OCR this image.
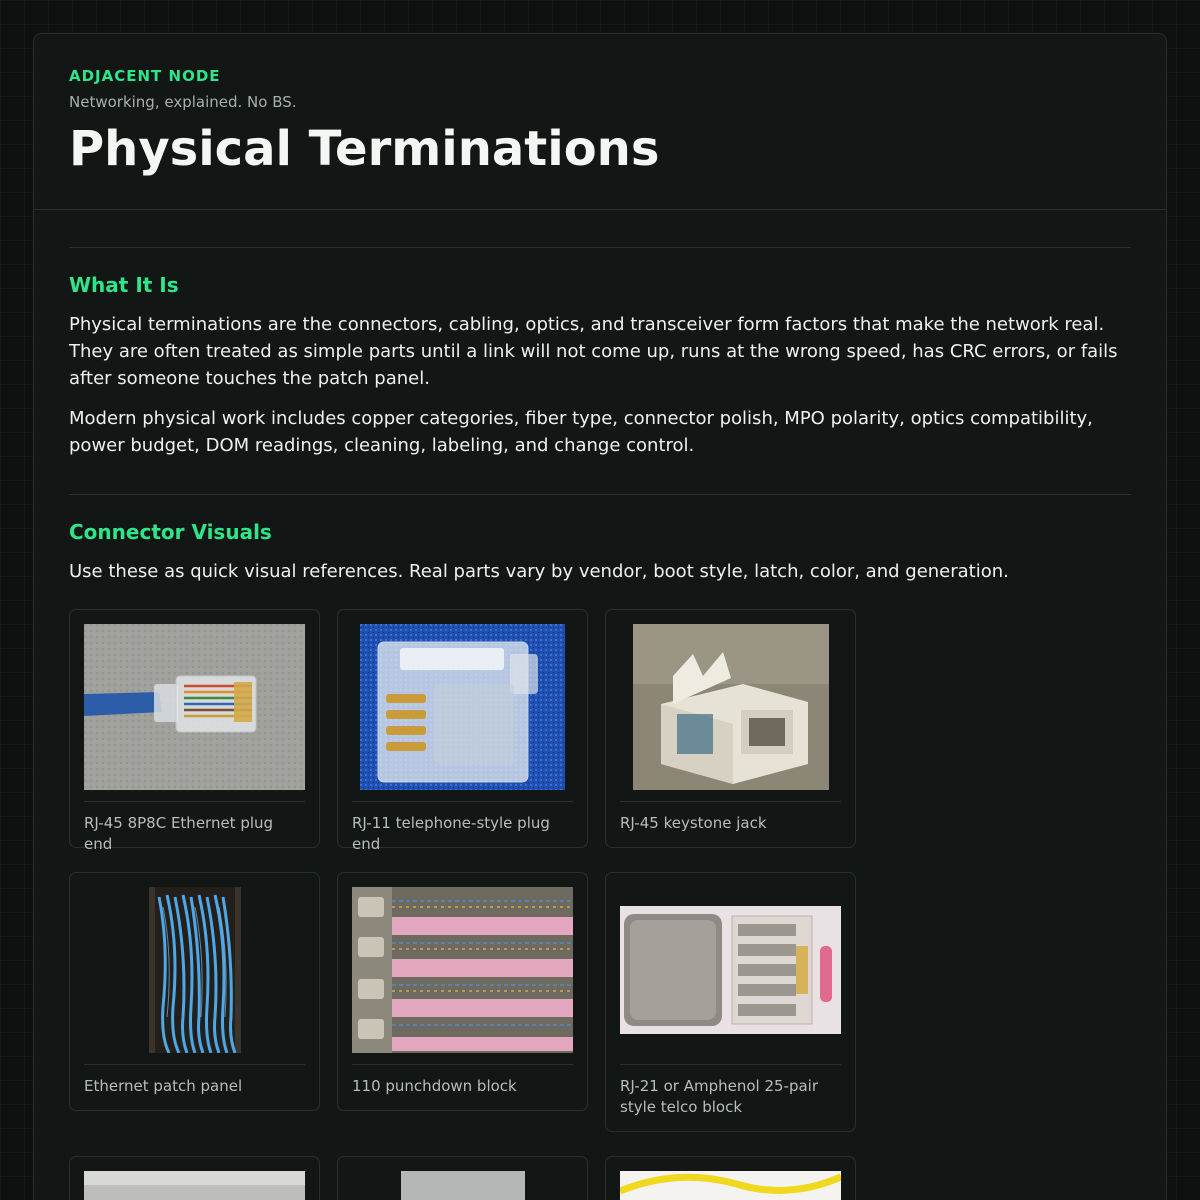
ADJACENT NODE
Networking, explained. No BS.
Physical Terminations
What It Is

Physical terminations are the connectors, cabling, optics, and transceiver form factors that make the network real. They are often treated as simple parts until a link will not come up, runs at the wrong speed, has CRC errors, or fails after someone touches the patch panel.

Modern physical work includes copper categories, fiber type, connector polish, MPO polarity, optics compatibility, power budget, DOM readings, cleaning, labeling, and change control.

Connector Visuals

Use these as quick visual references. Real parts vary by vendor, boot style, latch, color, and generation.

RJ-45 8P8C Ethernet plug end
RJ-11 telephone-style plug end
RJ-45 keystone jack
Ethernet patch panel	110 punchdown block	RJ-21 or Amphenol 25-pair style telco block
